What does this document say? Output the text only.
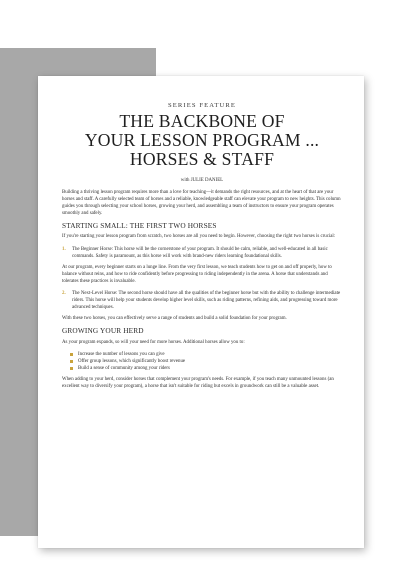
SERIES FEATURE
THE BACKBONE OF
YOUR LESSON PROGRAM ...
HORSES & STAFF
with JULIE DANIEL

Building a thriving lesson program requires more than a love for teaching—it demands the right resources, and at the heart of that are your horses and staff. A carefully selected team of horses and a reliable, knowledgeable staff can elevate your program to new heights. This column guides you through selecting your school horses, growing your herd, and assembling a team of instructors to ensure your program operates smoothly and safely.

STARTING SMALL: THE FIRST TWO HORSES

If you're starting your lesson program from scratch, two horses are all you need to begin. However, choosing the right two horses is crucial:

1. The Beginner Horse: This horse will be the cornerstone of your program. It should be calm, reliable, and well-educated in all basic commands. Safety is paramount, as this horse will work with brand-new riders learning foundational skills.

At our program, every beginner starts on a lunge line. From the very first lesson, we teach students how to get on and off properly, how to balance without reins, and how to ride confidently before progressing to riding independently in the arena. A horse that understands and tolerates these practices is invaluable.

2. The Next-Level Horse: The second horse should have all the qualities of the beginner horse but with the ability to challenge intermediate riders. This horse will help your students develop higher level skills, such as riding patterns, refining aids, and progressing toward more advanced techniques.

With these two horses, you can effectively serve a range of students and build a solid foundation for your program.

GROWING YOUR HERD

As your program expands, so will your need for more horses. Additional horses allow you to:

Increase the number of lessons you can give
Offer group lessons, which significantly boost revenue
Build a sense of community among your riders

When adding to your herd, consider horses that complement your program's needs. For example, if you teach many unmounted lessons (an excellent way to diversify your program), a horse that isn't suitable for riding but excels in groundwork can still be a valuable asset.
